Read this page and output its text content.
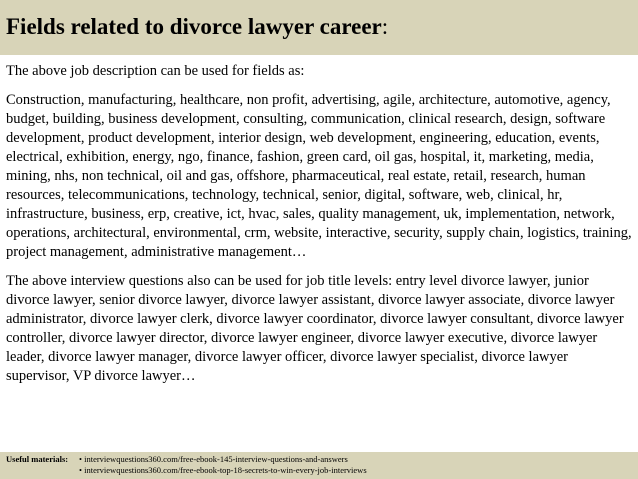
Fields related to divorce lawyer career:

The above job description can be used for fields as:

Construction, manufacturing, healthcare, non profit, advertising, agile, architecture, automotive, agency, budget, building, business development, consulting, communication, clinical research, design, software development, product development, interior design, web development, engineering, education, events, electrical, exhibition, energy, ngo, finance, fashion, green card, oil gas, hospital, it, marketing, media, mining, nhs, non technical, oil and gas, offshore, pharmaceutical, real estate, retail, research, human resources, telecommunications, technology, technical, senior, digital, software, web, clinical, hr, infrastructure, business, erp, creative, ict, hvac, sales, quality management, uk, implementation, network, operations, architectural, environmental, crm, website, interactive, security, supply chain, logistics, training, project management, administrative management…

The above interview questions also can be used for job title levels: entry level divorce lawyer, junior divorce lawyer, senior divorce lawyer, divorce lawyer assistant, divorce lawyer associate, divorce lawyer administrator, divorce lawyer clerk, divorce lawyer coordinator, divorce lawyer consultant, divorce lawyer controller, divorce lawyer director, divorce lawyer engineer, divorce lawyer executive, divorce lawyer leader, divorce lawyer manager, divorce lawyer officer, divorce lawyer specialist, divorce lawyer supervisor, VP divorce lawyer…

Useful materials:	• interviewquestions360.com/free-ebook-145-interview-questions-and-answers
• interviewquestions360.com/free-ebook-top-18-secrets-to-win-every-job-interviews
